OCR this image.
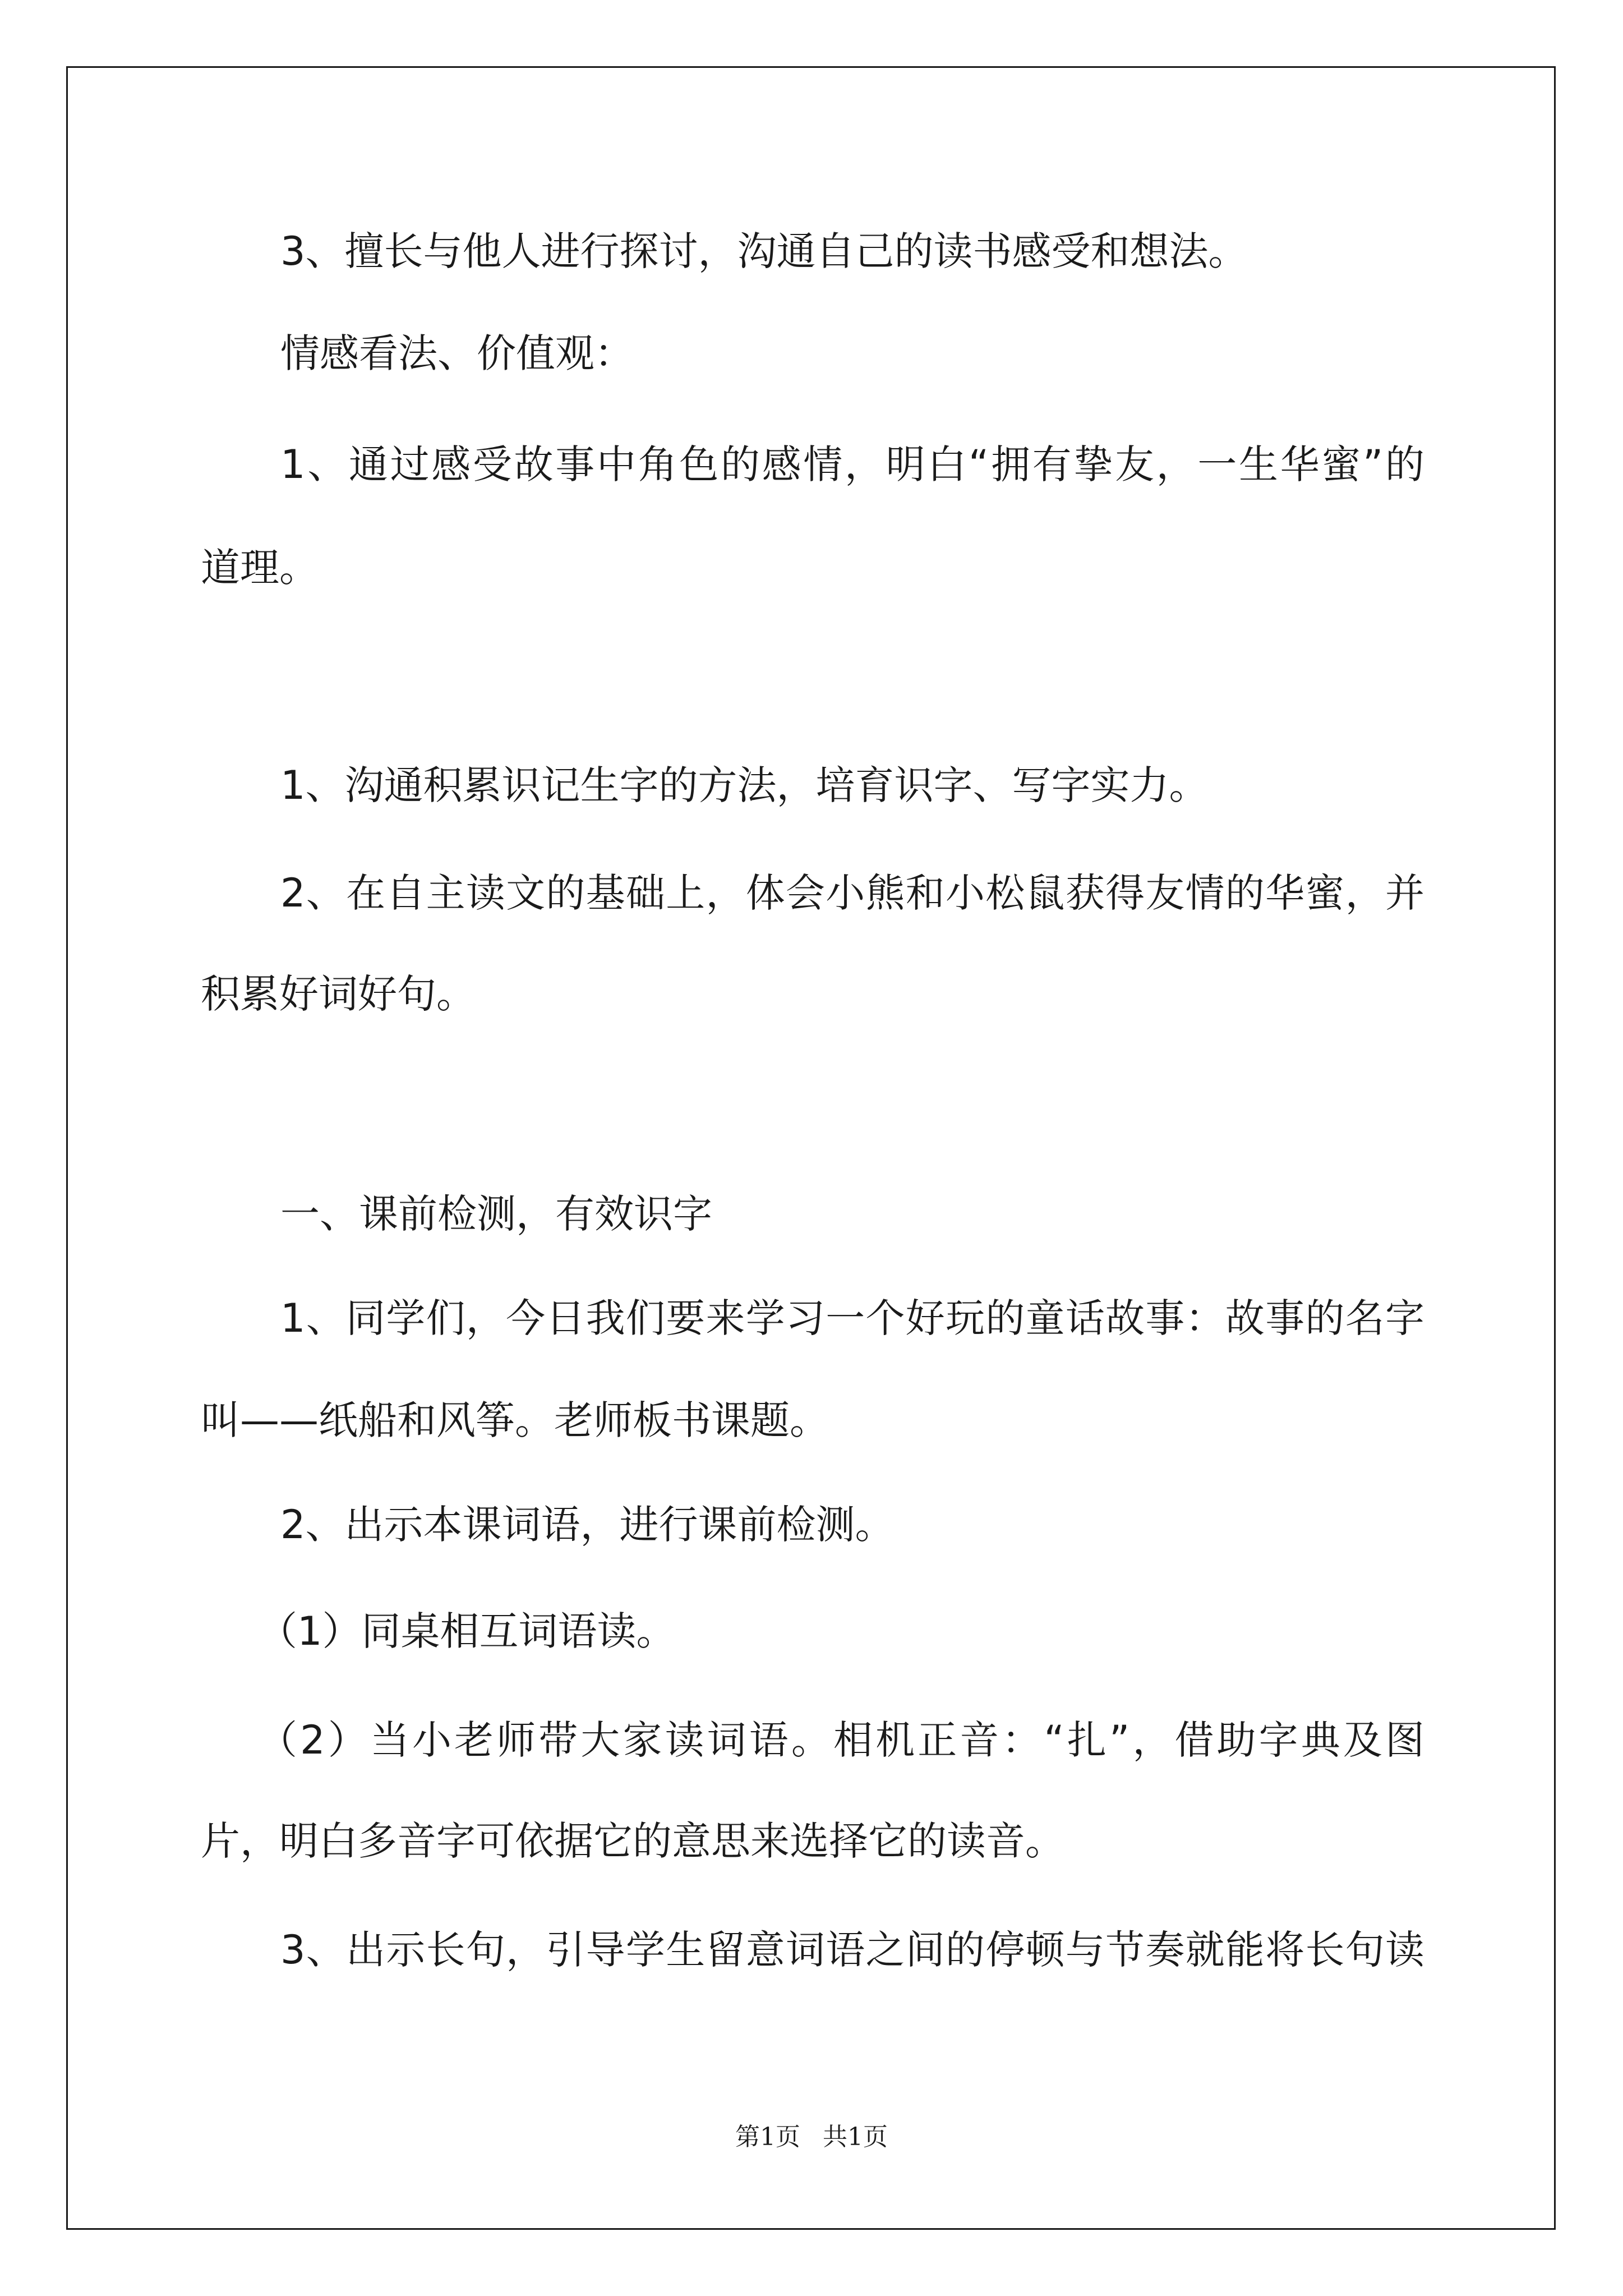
3、擅长与他人进行探讨，沟通自己的读书感受和想法。

情感看法、价值观：

1、通过感受故事中角色的感情，明白“拥有挚友，一生华蜜”的

道理。

1、沟通积累识记生字的方法，培育识字、写字实力。

2、在自主读文的基础上，体会小熊和小松鼠获得友情的华蜜，并

积累好词好句。

一、课前检测，有效识字

1、同学们，今日我们要来学习一个好玩的童话故事：故事的名字

叫——纸船和风筝。老师板书课题。

2、出示本课词语，进行课前检测。

（1）同桌相互词语读。

（2）当小老师带大家读词语。相机正音：“扎”，借助字典及图

片，明白多音字可依据它的意思来选择它的读音。

3、出示长句，引导学生留意词语之间的停顿与节奏就能将长句读

第1页 共1页
